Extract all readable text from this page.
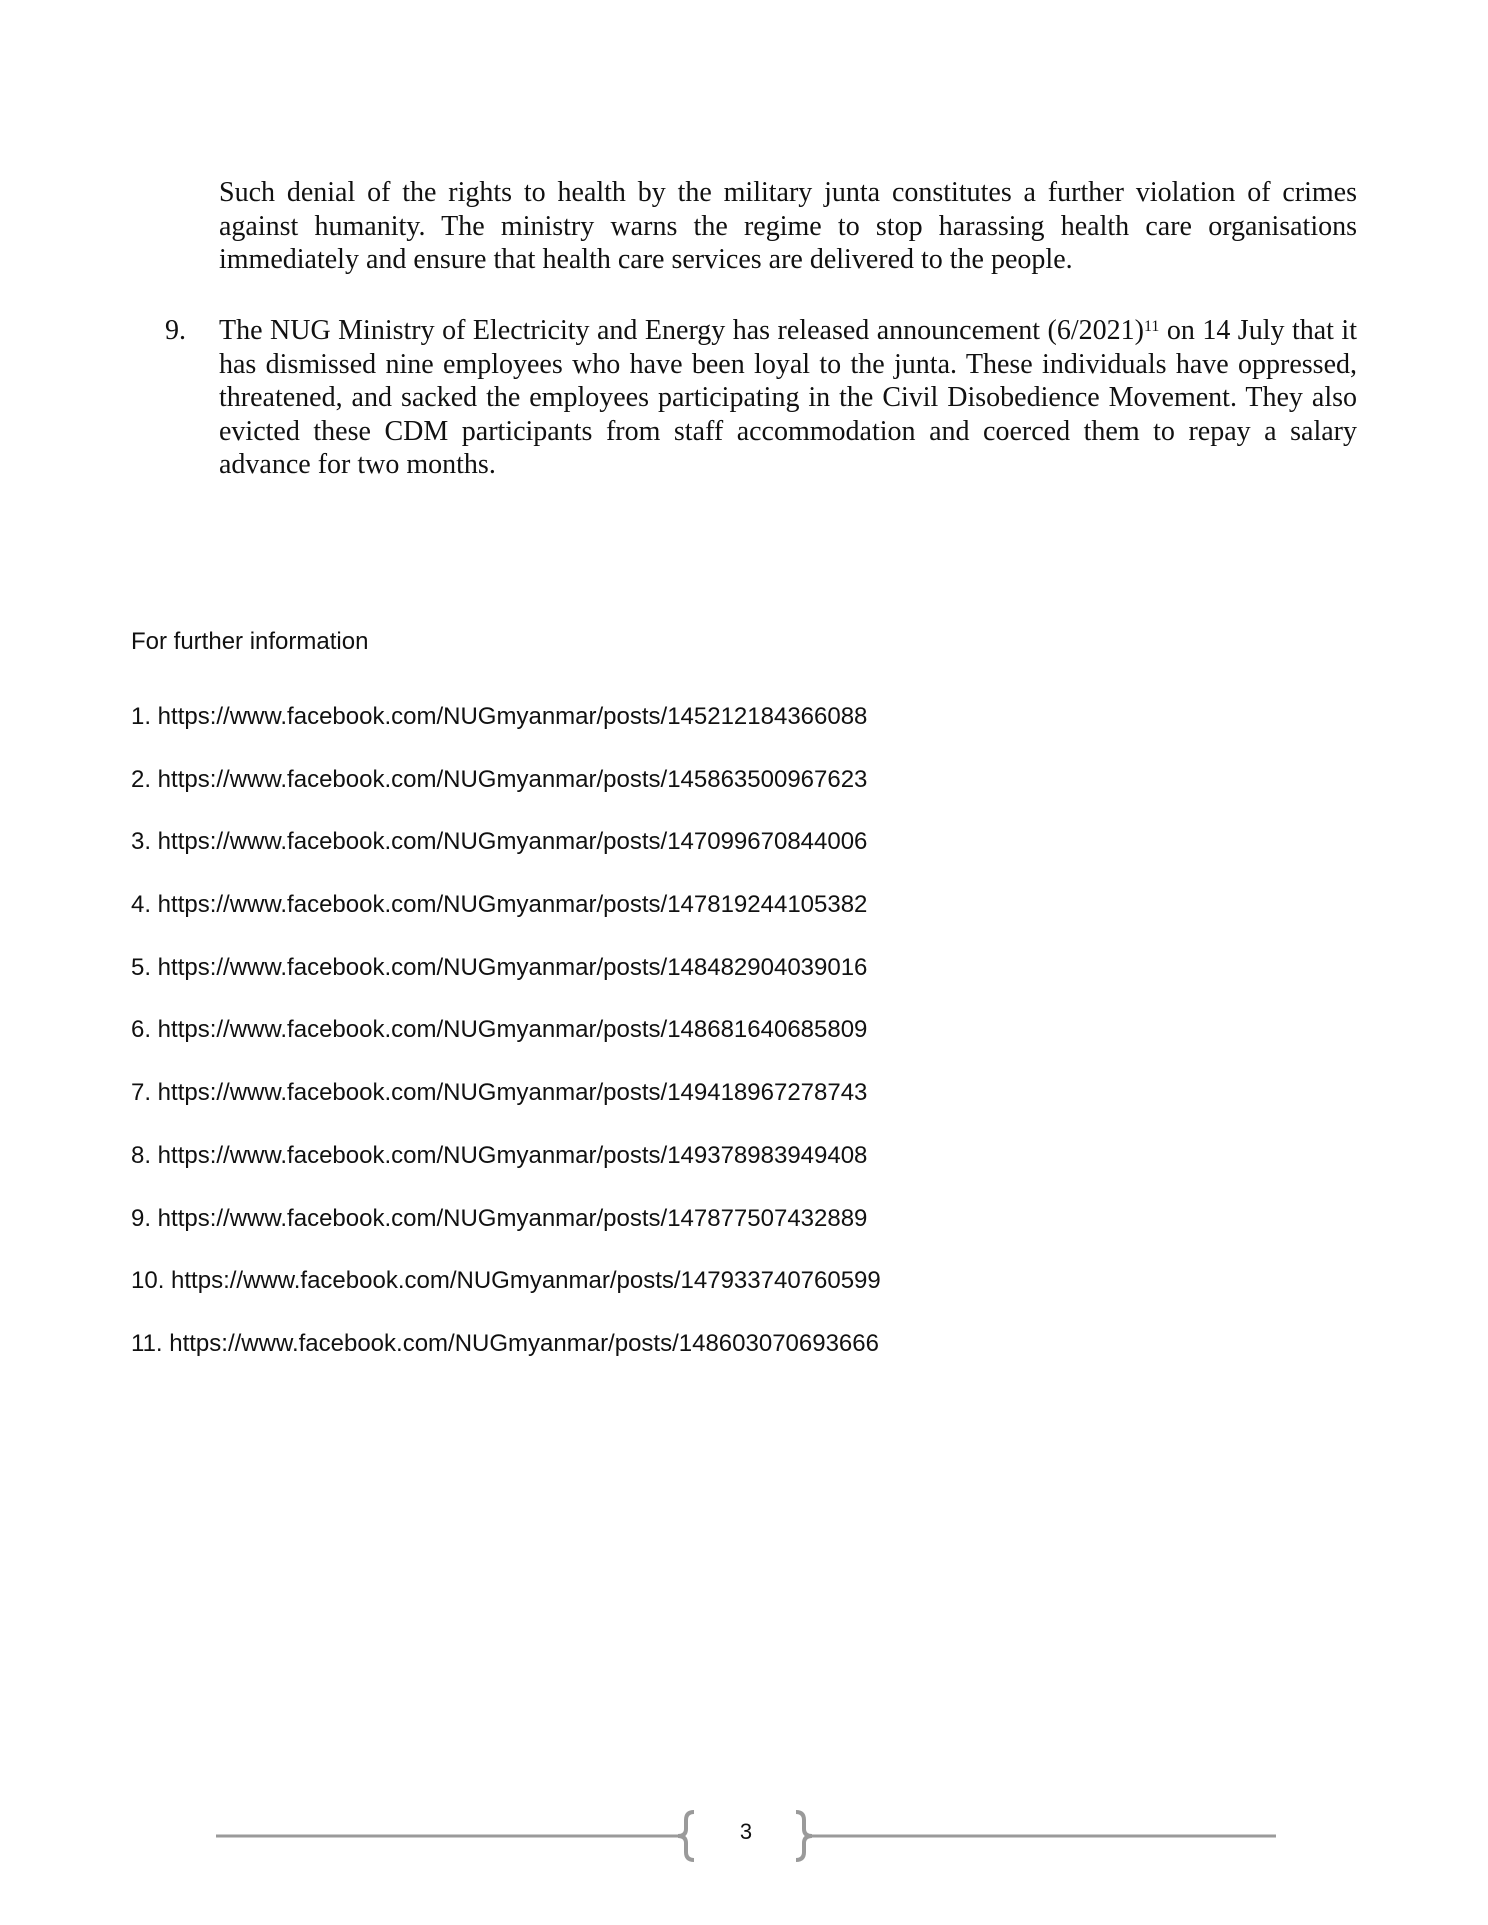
Such denial of the rights to health by the military junta constitutes a further violation of crimes against humanity. The ministry warns the regime to stop harassing health care organisations immediately and ensure that health care services are delivered to the people.

9. The NUG Ministry of Electricity and Energy has released announcement $(6/2021)^{11}$ on 14 July that it has dismissed nine employees who have been loyal to the junta. These individuals have oppressed, threatened, and sacked the employees participating in the Civil Disobedience Movement. They also evicted these CDM participants from staff accommodation and coerced them to repay a salary advance for two months.
For further information
1. https://www.facebook.com/NUGmyanmar/posts/145212184366088
2. https://www.facebook.com/NUGmyanmar/posts/145863500967623
3. https://www.facebook.com/NUGmyanmar/posts/147099670844006
4. https://www.facebook.com/NUGmyanmar/posts/147819244105382
5. https://www.facebook.com/NUGmyanmar/posts/148482904039016
6. https://www.facebook.com/NUGmyanmar/posts/148681640685809
7. https://www.facebook.com/NUGmyanmar/posts/149418967278743
8. https://www.facebook.com/NUGmyanmar/posts/149378983949408
9. https://www.facebook.com/NUGmyanmar/posts/147877507432889
10. https://www.facebook.com/NUGmyanmar/posts/147933740760599
11. https://www.facebook.com/NUGmyanmar/posts/148603070693666
3
